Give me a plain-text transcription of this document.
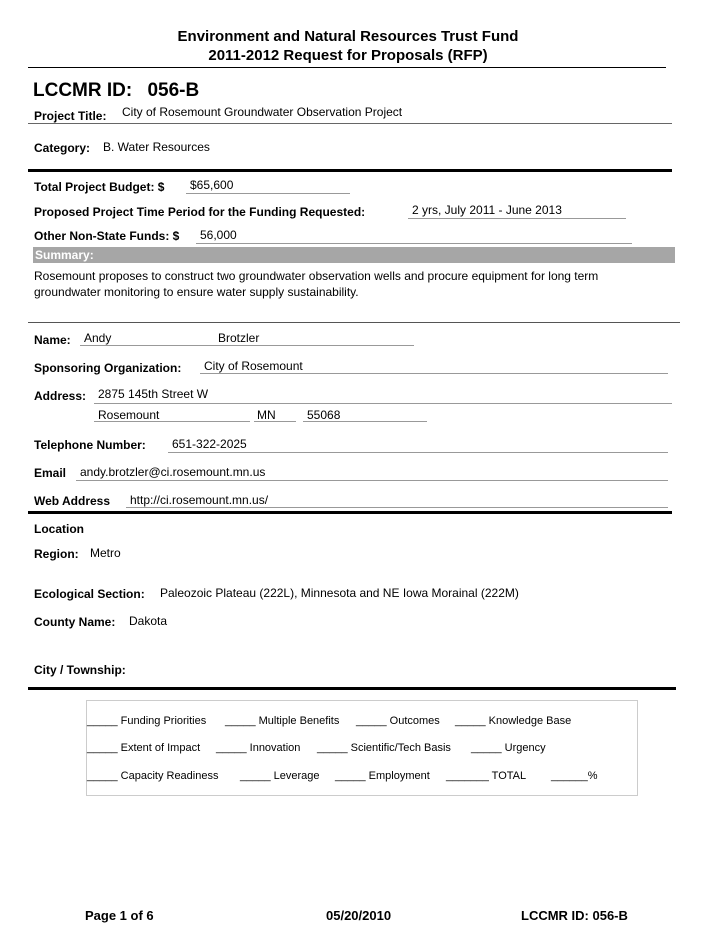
Environment and Natural Resources Trust Fund
2011-2012 Request for Proposals (RFP)
LCCMR ID: 056-B
Project Title: City of Rosemount Groundwater Observation Project
Category: B. Water Resources
Total Project Budget: $ $65,600
Proposed Project Time Period for the Funding Requested:	2 yrs, July 2011 - June 2013
Other Non-State Funds: $ 56,000
Summary:
Rosemount proposes to construct two groundwater observation wells and procure equipment for long term
groundwater monitoring to ensure water supply sustainability.
Name: Andy	Brotzler
Sponsoring Organization: City of Rosemount
Address: 2875 145th Street W
Rosemount	MN	55068
Telephone Number: 651-322-2025
Email andy.brotzler@ci.rosemount.mn.us
Web Address http://ci.rosemount.mn.us/
Location
Region: Metro
Ecological Section: Paleozoic Plateau (222L), Minnesota and NE Iowa Morainal (222M)
County Name: Dakota
City / Township:
_____ Funding Priorities _____ Multiple Benefits _____ Outcomes _____ Knowledge Base
_____ Extent of Impact _____ Innovation _____ Scientific/Tech Basis _____ Urgency
_____ Capacity Readiness _____ Leverage _____ Employment _______ TOTAL ______%
Page 1 of 6	05/20/2010	LCCMR ID: 056-B
